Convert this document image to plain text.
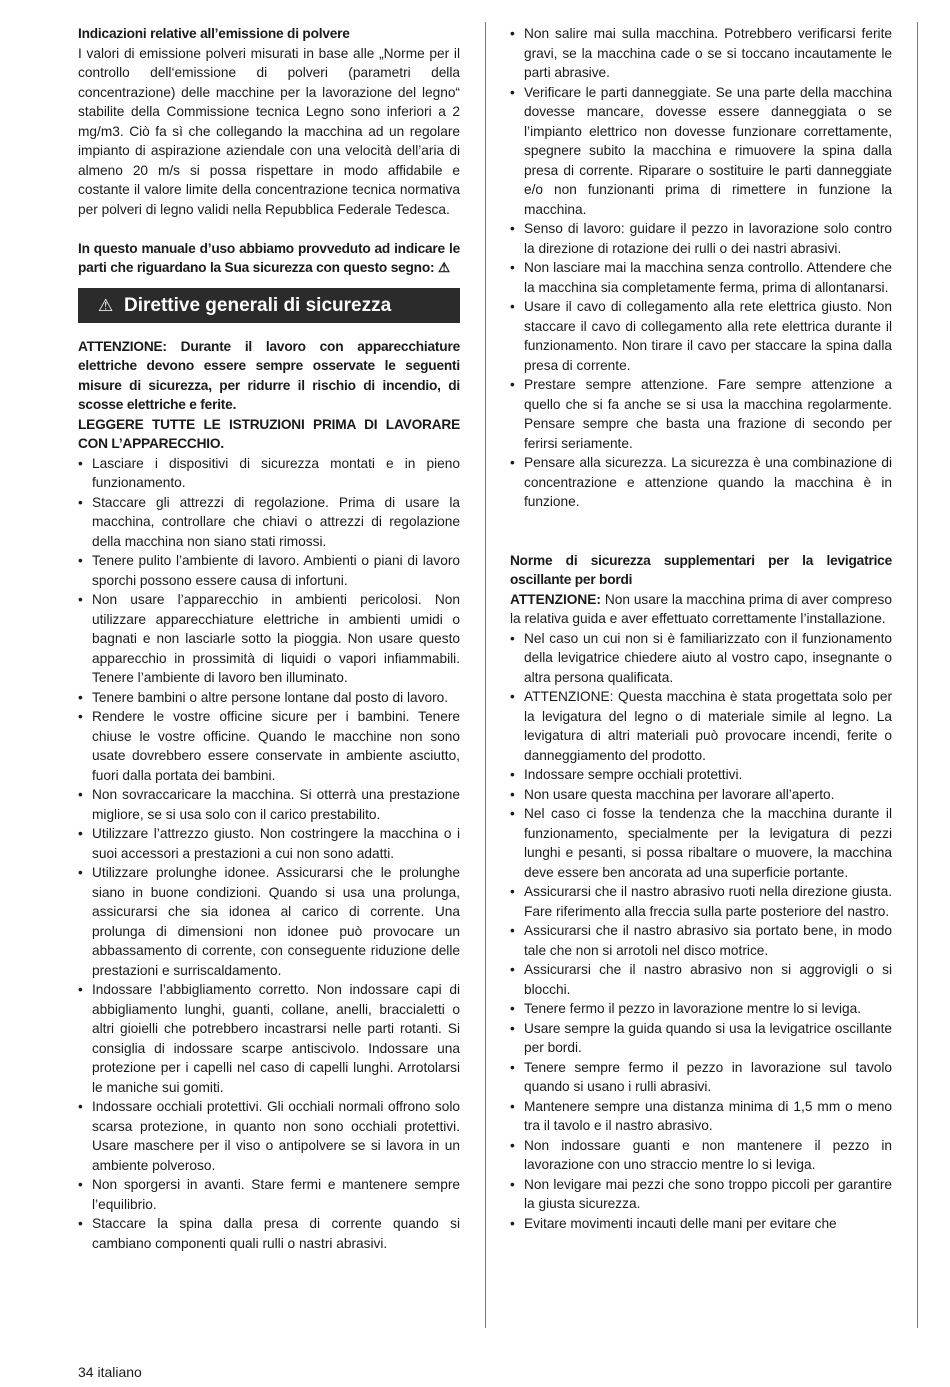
Indicazioni relative all’emissione di polvere

I valori di emissione polveri misurati in base alle „Norme per il controllo dell‘emissione di polveri (parametri della concentrazione) delle macchine per la lavorazione del legno“ stabilite della Commissione tecnica Legno sono inferiori a 2 mg/m3. Ciò fa sì che collegando la macchina ad un regolare impianto di aspirazione aziendale con una velocità dell’aria di almeno 20 m/s si possa rispettare in modo affidabile e costante il valore limite della concentrazione tecnica normativa per polveri di legno validi nella Repubblica Federale Tedesca.

In questo manuale d’uso abbiamo provveduto ad indicare le parti che riguardano la Sua sicurezza con questo segno: ⚠

⚠ Direttive generali di sicurezza

ATTENZIONE: Durante il lavoro con apparecchiature elettriche devono essere sempre osservate le seguenti misure di sicurezza, per ridurre il rischio di incendio, di scosse elettriche e ferite.

LEGGERE TUTTE LE ISTRUZIONI PRIMA DI LAVORARE CON L’APPARECCHIO.

• Lasciare i dispositivi di sicurezza montati e in pieno funzionamento.
• Staccare gli attrezzi di regolazione. Prima di usare la macchina, controllare che chiavi o attrezzi di regolazione della macchina non siano stati rimossi.
• Tenere pulito l’ambiente di lavoro. Ambienti o piani di lavoro sporchi possono essere causa di infortuni.
• Non usare l’apparecchio in ambienti pericolosi. Non utilizzare apparecchiature elettriche in ambienti umidi o bagnati e non lasciarle sotto la pioggia. Non usare questo apparecchio in prossimità di liquidi o vapori infiammabili. Tenere l’ambiente di lavoro ben illuminato.
• Tenere bambini o altre persone lontane dal posto di lavoro.
• Rendere le vostre officine sicure per i bambini. Tenere chiuse le vostre officine. Quando le macchine non sono usate dovrebbero essere conservate in ambiente asciutto, fuori dalla portata dei bambini.
• Non sovraccaricare la macchina. Si otterrà una prestazione migliore, se si usa solo con il carico prestabilito.
• Utilizzare l’attrezzo giusto. Non costringere la macchina o i suoi accessori a prestazioni a cui non sono adatti.
• Utilizzare prolunghe idonee. Assicurarsi che le prolunghe siano in buone condizioni. Quando si usa una prolunga, assicurarsi che sia idonea al carico di corrente. Una prolunga di dimensioni non idonee può provocare un abbassamento di corrente, con conseguente riduzione delle prestazioni e surriscaldamento.
• Indossare l’abbigliamento corretto. Non indossare capi di abbigliamento lunghi, guanti, collane, anelli, braccialetti o altri gioielli che potrebbero incastrarsi nelle parti rotanti. Si consiglia di indossare scarpe antiscivolo. Indossare una protezione per i capelli nel caso di capelli lunghi. Arrotolarsi le maniche sui gomiti.
• Indossare occhiali protettivi. Gli occhiali normali offrono solo scarsa protezione, in quanto non sono occhiali protettivi. Usare maschere per il viso o antipolvere se si lavora in un ambiente polveroso.
• Non sporgersi in avanti. Stare fermi e mantenere sempre l’equilibrio.
• Staccare la spina dalla presa di corrente quando si cambiano componenti quali rulli o nastri abrasivi.
• Non salire mai sulla macchina. Potrebbero verificarsi ferite gravi, se la macchina cade o se si toccano incautamente le parti abrasive.
• Verificare le parti danneggiate. Se una parte della macchina dovesse mancare, dovesse essere danneggiata o se l’impianto elettrico non dovesse funzionare correttamente, spegnere subito la macchina e rimuovere la spina dalla presa di corrente. Riparare o sostituire le parti danneggiate e/o non funzionanti prima di rimettere in funzione la macchina.
• Senso di lavoro: guidare il pezzo in lavorazione solo contro la direzione di rotazione dei rulli o dei nastri abrasivi.
• Non lasciare mai la macchina senza controllo. Attendere che la macchina sia completamente ferma, prima di allontanarsi.
• Usare il cavo di collegamento alla rete elettrica giusto. Non staccare il cavo di collegamento alla rete elettrica durante il funzionamento. Non tirare il cavo per staccare la spina dalla presa di corrente.
• Prestare sempre attenzione. Fare sempre attenzione a quello che si fa anche se si usa la macchina regolarmente. Pensare sempre che basta una frazione di secondo per ferirsi seriamente.
• Pensare alla sicurezza. La sicurezza è una combinazione di concentrazione e attenzione quando la macchina è in funzione.

Norme di sicurezza supplementari per la levigatrice oscillante per bordi

ATTENZIONE: Non usare la macchina prima di aver compreso la relativa guida e aver effettuato correttamente l’installazione.

• Nel caso un cui non si è familiarizzato con il funzionamento della levigatrice chiedere aiuto al vostro capo, insegnante o altra persona qualificata.
• ATTENZIONE: Questa macchina è stata progettata solo per la levigatura del legno o di materiale simile al legno. La levigatura di altri materiali può provocare incendi, ferite o danneggiamento del prodotto.
• Indossare sempre occhiali protettivi.
• Non usare questa macchina per lavorare all’aperto.
• Nel caso ci fosse la tendenza che la macchina durante il funzionamento, specialmente per la levigatura di pezzi lunghi e pesanti, si possa ribaltare o muovere, la macchina deve essere ben ancorata ad una superficie portante.
• Assicurarsi che il nastro abrasivo ruoti nella direzione giusta. Fare riferimento alla freccia sulla parte posteriore del nastro.
• Assicurarsi che il nastro abrasivo sia portato bene, in modo tale che non si arrotoli nel disco motrice.
• Assicurarsi che il nastro abrasivo non si aggrovigli o si blocchi.
• Tenere fermo il pezzo in lavorazione mentre lo si leviga.
• Usare sempre la guida quando si usa la levigatrice oscillante per bordi.
• Tenere sempre fermo il pezzo in lavorazione sul tavolo quando si usano i rulli abrasivi.
• Mantenere sempre una distanza minima di 1,5 mm o meno tra il tavolo e il nastro abrasivo.
• Non indossare guanti e non mantenere il pezzo in lavorazione con uno straccio mentre lo si leviga.
• Non levigare mai pezzi che sono troppo piccoli per garantire la giusta sicurezza.
• Evitare movimenti incauti delle mani per evitare che
34 italiano
